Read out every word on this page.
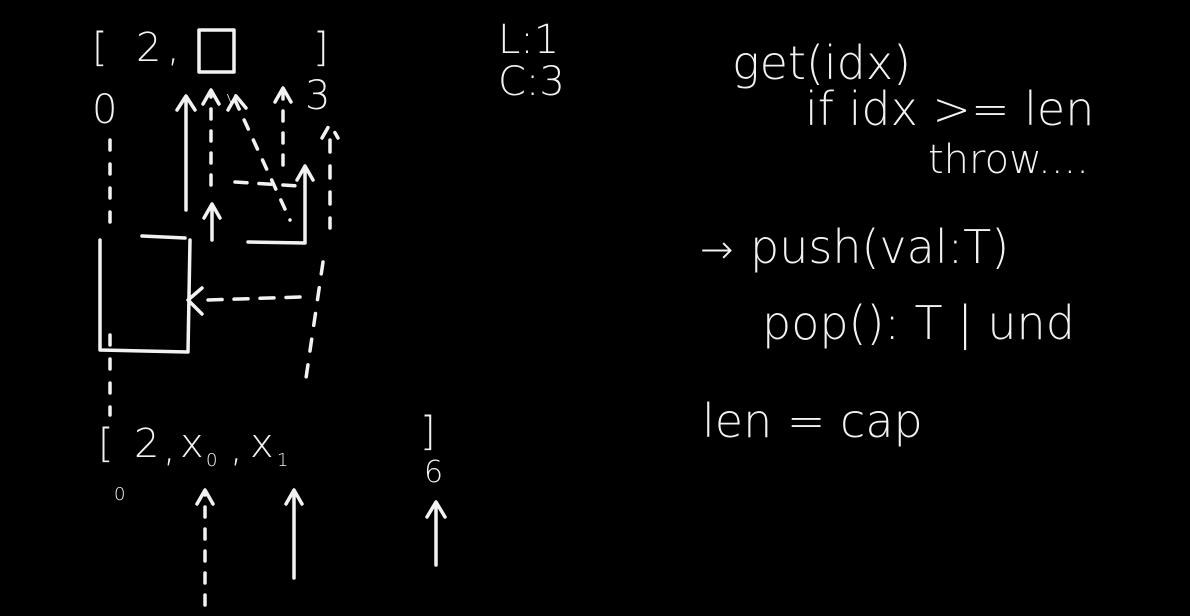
[ 2 ,	]
0	3
y
L:1
C:3
[ 2 , x 0 , x 1
]
0
6
get(idx)
if idx >= len
throw....
→ push(val:T)
pop(): T | und
len = cap
